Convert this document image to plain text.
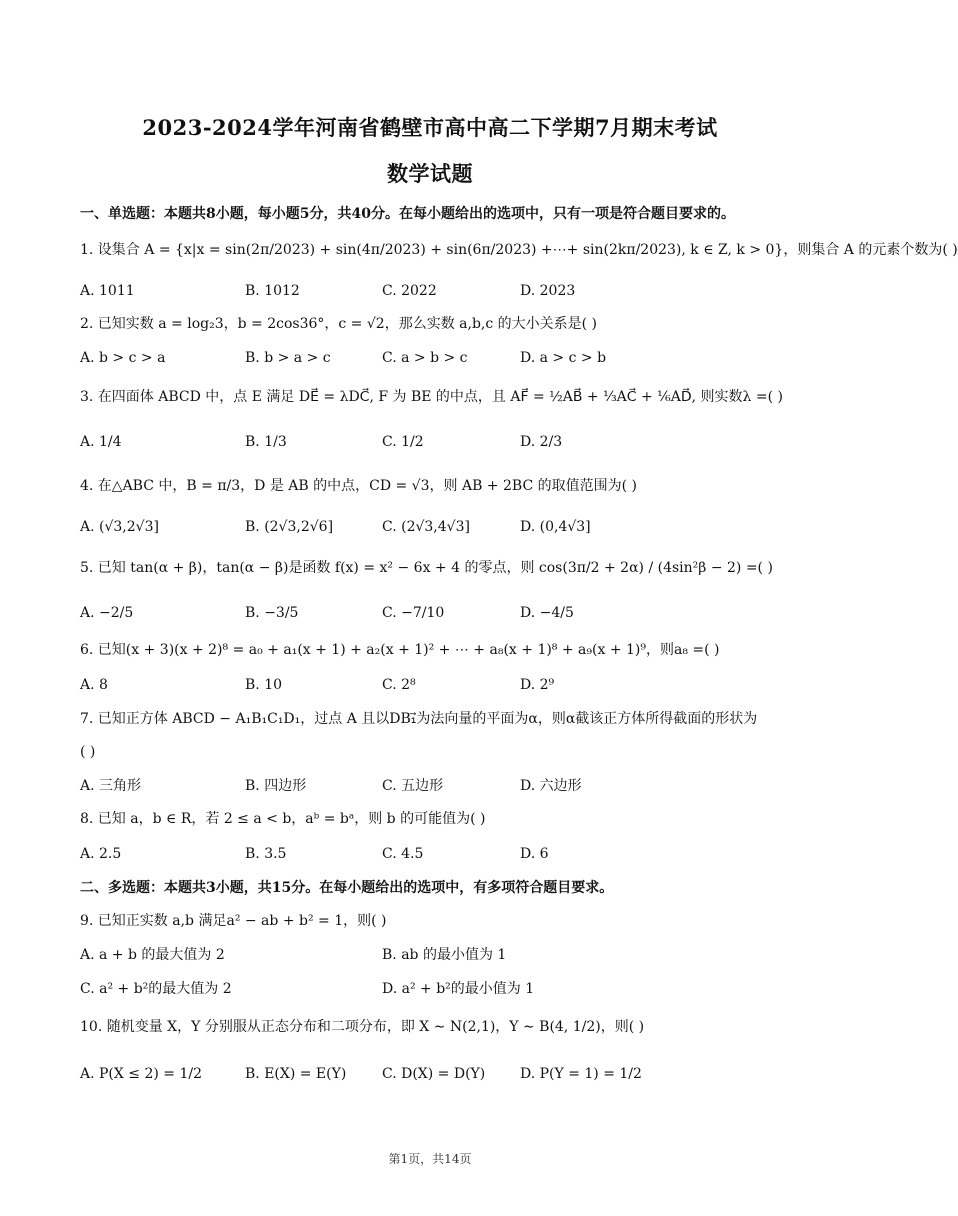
2023-2024学年河南省鹤壁市高中高二下学期7月期末考试
数学试题
一、单选题：本题共8小题，每小题5分，共40分。在每小题给出的选项中，只有一项是符合题目要求的。
1. 设集合 A = {x|x = sin(2π/2023) + sin(4π/2023) + sin(6π/2023) +⋯+ sin(2kπ/2023), k ∈ Z, k > 0}，则集合 A 的元素个数为( )
A. 1011	B. 1012	C. 2022	D. 2023
2. 已知实数 a = log₂3，b = 2cos36°，c = √2，那么实数 a,b,c 的大小关系是( )
A. b > c > a	B. b > a > c	C. a > b > c	D. a > c > b
3. 在四面体 ABCD 中，点 E 满足 DE⃗ = λDC⃗, F 为 BE 的中点，且 AF⃗ = ½AB⃗ + ⅓AC⃗ + ⅙AD⃗, 则实数λ =( )
A. 1/4	B. 1/3	C. 1/2	D. 2/3
4. 在△ABC 中，B = π/3，D 是 AB 的中点，CD = √3，则 AB + 2BC 的取值范围为( )
A. (√3,2√3]	B. (2√3,2√6]	C. (2√3,4√3]	D. (0,4√3]
5. 已知 tan(α + β)，tan(α − β)是函数 f(x) = x² − 6x + 4 的零点，则 cos(3π/2 + 2α) / (4sin²β − 2) =( )
A. −2/5	B. −3/5	C. −7/10	D. −4/5
6. 已知(x + 3)(x + 2)⁸ = a₀ + a₁(x + 1) + a₂(x + 1)² + ⋯ + a₈(x + 1)⁸ + a₉(x + 1)⁹，则a₈ =( )
A. 8	B. 10	C. 2⁸	D. 2⁹
7. 已知正方体 ABCD − A₁B₁C₁D₁，过点 A 且以DB₁⃗为法向量的平面为α，则α截该正方体所得截面的形状为
( )
A. 三角形	B. 四边形	C. 五边形	D. 六边形
8. 已知 a，b ∈ R，若 2 ≤ a < b，aᵇ = bᵃ，则 b 的可能值为( )
A. 2.5	B. 3.5	C. 4.5	D. 6
二、多选题：本题共3小题，共15分。在每小题给出的选项中，有多项符合题目要求。
9. 已知正实数 a,b 满足a² − ab + b² = 1，则( )
A. a + b 的最大值为 2	B. ab 的最小值为 1
C. a² + b²的最大值为 2	D. a² + b²的最小值为 1
10. 随机变量 X，Y 分别服从正态分布和二项分布，即 X ∼ N(2,1)，Y ∼ B(4, 1/2)，则( )
A. P(X ≤ 2) = 1/2	B. E(X) = E(Y)	C. D(X) = D(Y) D. P(Y = 1) = 1/2
第1页，共14页
